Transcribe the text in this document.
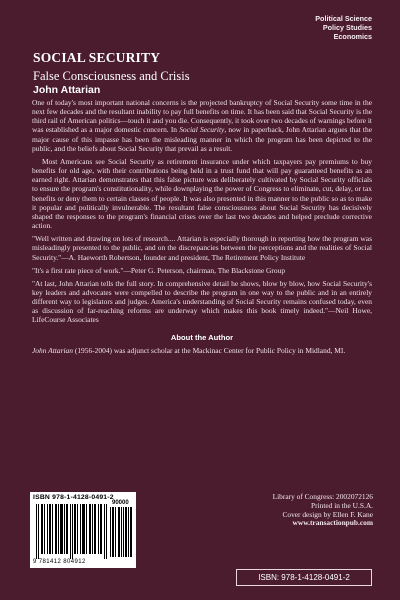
Political Science
Policy Studies
Economics
SOCIAL SECURITY
False Consciousness and Crisis
John Attarian

One of today's most important national concerns is the projected bankruptcy of Social Security some time in the next few decades and the resultant inability to pay full benefits on time. It has been said that Social Security is the third rail of American politics—touch it and you die. Consequently, it took over two decades of warnings before it was established as a major domestic concern. In Social Security, now in paperback, John Attarian argues that the major cause of this impasse has been the misleading manner in which the program has been depicted to the public, and the beliefs about Social Security that prevail as a result.

Most Americans see Social Security as retirement insurance under which taxpayers pay premiums to buy benefits for old age, with their contributions being held in a trust fund that will pay guaranteed benefits as an earned right. Attarian demonstrates that this false picture was deliberately cultivated by Social Security officials to ensure the program's constitutionality, while downplaying the power of Congress to eliminate, cut, delay, or tax benefits or deny them to certain classes of people. It was also presented in this manner to the public so as to make it popular and politically invulnerable. The resultant false consciousness about Social Security has decisively shaped the responses to the program's financial crises over the last two decades and helped preclude corrective action.

"Well written and drawing on lots of research.... Attarian is especially thorough in reporting how the program was misleadingly presented to the public, and on the discrepancies between the perceptions and the realities of Social Security."—A. Haeworth Robertson, founder and president, The Retirement Policy Institute

"It's a first rate piece of work."—Peter G. Peterson, chairman, The Blackstone Group

"At last, John Attarian tells the full story. In comprehensive detail he shows, blow by blow, how Social Security's key leaders and advocates were compelled to describe the program in one way to the public and in an entirely different way to legislators and judges. America's understanding of Social Security remains confused today, even as discussion of far-reaching reforms are underway which makes this book timely indeed."—Neil Howe, LifeCourse Associates

About the Author

John Attarian (1956-2004) was adjunct scholar at the Mackinac Center for Public Policy in Midland, MI.

ISBN 978-1-4128-0491-2
90000
9 781412 804912
Library of Congress: 2002072126
Printed in the U.S.A.
Cover design by Ellen F. Kane
www.transactionpub.com
ISBN: 978-1-4128-0491-2
